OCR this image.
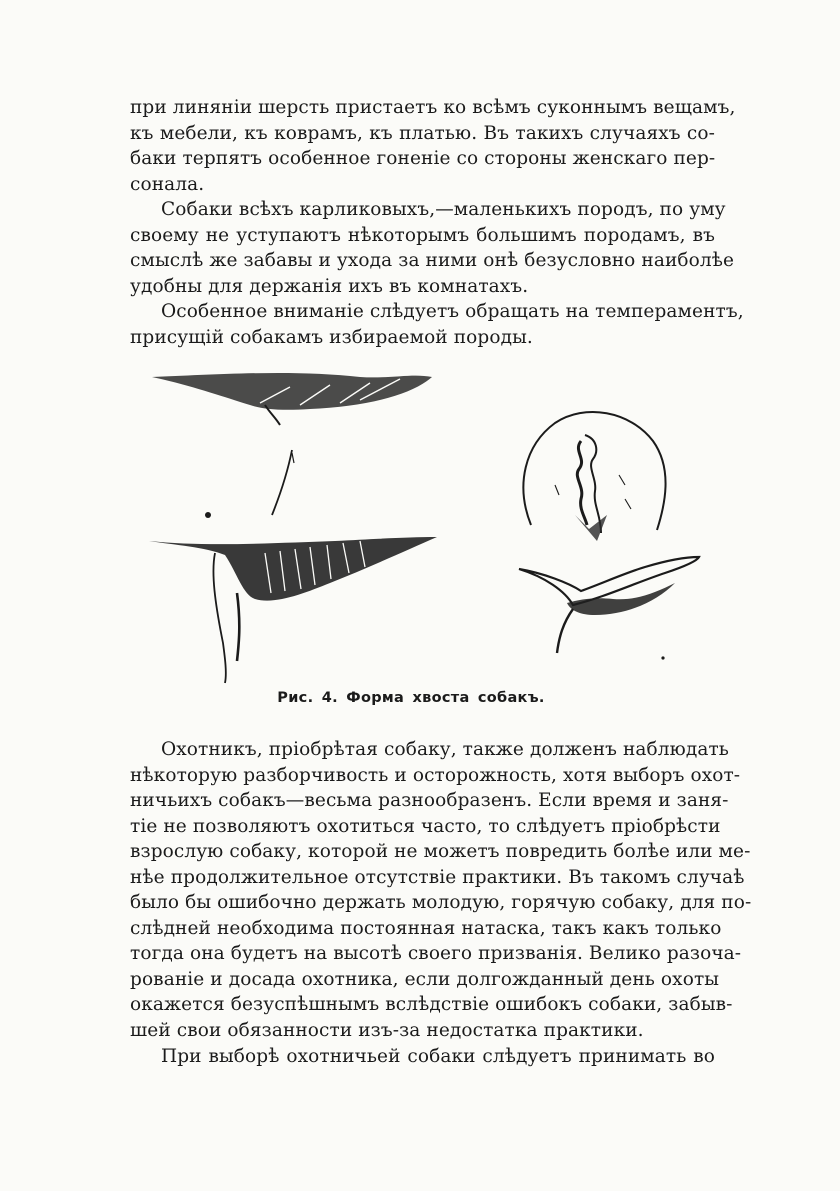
при линяніи шерсть пристаетъ ко всѣмъ суконнымъ вещамъ,
къ мебели, къ коврамъ, къ платью. Въ такихъ случаяхъ со-
баки терпятъ особенное гоненіе со стороны женскаго пер-
сонала.
Собаки всѣхъ карликовыхъ,—маленькихъ породъ, по уму
своему не уступаютъ нѣкоторымъ большимъ породамъ, въ
смыслѣ же забавы и ухода за ними онѣ безусловно наиболѣе
удобны для держанія ихъ въ комнатахъ.
Особенное вниманіе слѣдуетъ обращать на темпераментъ,
присущій собакамъ избираемой породы.
Рис. 4. Форма хвоста собакъ.
Охотникъ, пріобрѣтая собаку, также долженъ наблюдать
нѣкоторую разборчивость и осторожность, хотя выборъ охот-
ничьихъ собакъ—весьма разнообразенъ. Если время и заня-
тіе не позволяютъ охотиться часто, то слѣдуетъ пріобрѣсти
взрослую собаку, которой не можетъ повредить болѣе или ме-
нѣе продолжительное отсутствіе практики. Въ такомъ случаѣ
было бы ошибочно держать молодую, горячую собаку, для по-
слѣдней необходима постоянная натаска, такъ какъ только
тогда она будетъ на высотѣ своего призванія. Велико разоча-
рованіе и досада охотника, если долгожданный день охоты
окажется безуспѣшнымъ вслѣдствіе ошибокъ собаки, забыв-
шей свои обязанности изъ-за недостатка практики.
При выборѣ охотничьей собаки слѣдуетъ принимать во
